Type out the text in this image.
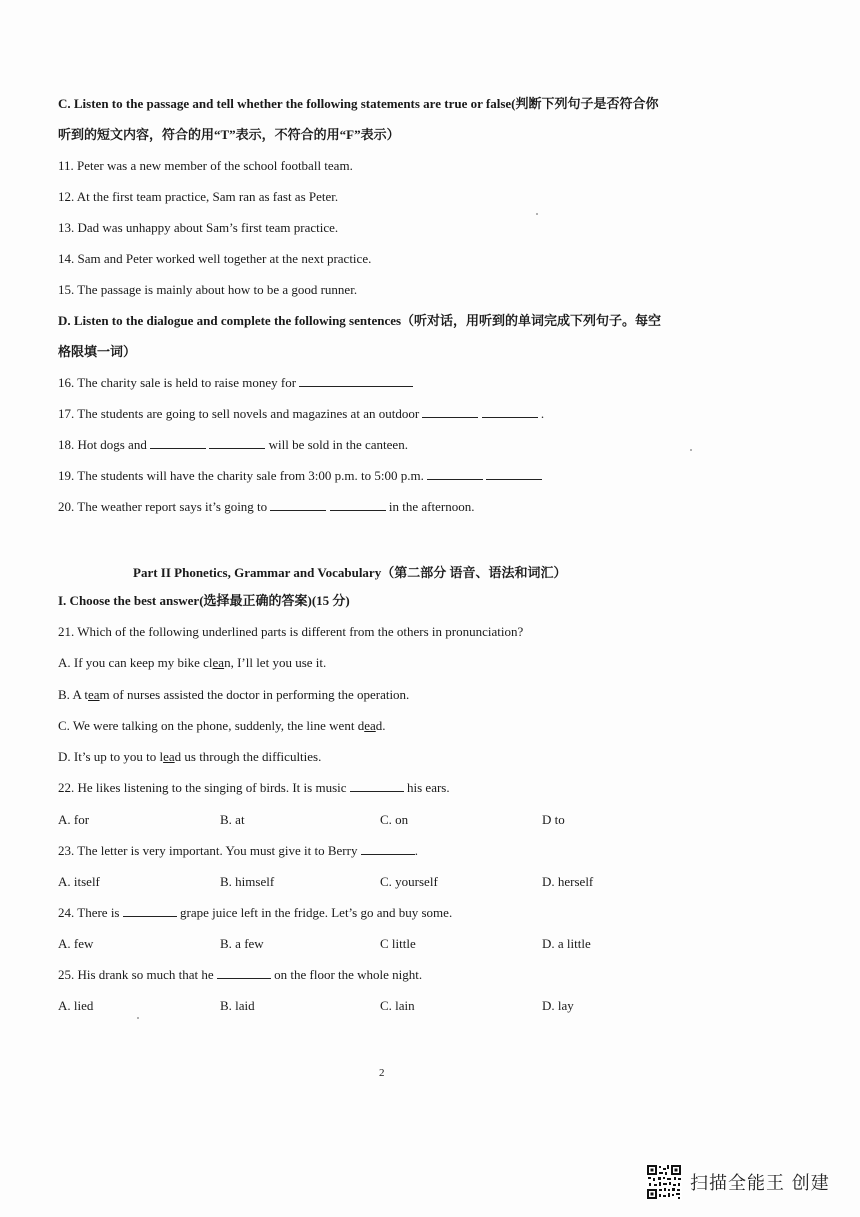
C. Listen to the passage and tell whether the following statements are true or false(判断下列句子是否符合你
听到的短文内容，符合的用“T”表示，不符合的用“F”表示）
11. Peter was a new member of the school football team.
12. At the first team practice, Sam ran as fast as Peter.
13. Dad was unhappy about Sam’s first team practice.
14. Sam and Peter worked well together at the next practice.
15. The passage is mainly about how to be a good runner.
D. Listen to the dialogue and complete the following sentences（听对话，用听到的单词完成下列句子。每空
格限填一词）
16. The charity sale is held to raise money for
17. The students are going to sell novels and magazines at an outdoor	.
18. Hot dogs and	will be sold in the canteen.
19. The students will have the charity sale from 3:00 p.m. to 5:00 p.m.
20. The weather report says it’s going to	in the afternoon.
Part II Phonetics, Grammar and Vocabulary（第二部分 语音、语法和词汇）
I. Choose the best answer(选择最正确的答案)(15 分)
21. Which of the following underlined parts is different from the others in pronunciation?
A. If you can keep my bike clean, I’ll let you use it.
B. A team of nurses assisted the doctor in performing the operation.
C. We were talking on the phone, suddenly, the line went dead.
D. It’s up to you to lead us through the difficulties.
22. He likes listening to the singing of birds. It is music	his ears.
A. for	B. at	C. on	D to
23. The letter is very important. You must give it to Berry	.
A. itself	B. himself	C. yourself	D. herself
24. There is	grape juice left in the fridge. Let’s go and buy some.
A. few	B. a few	C little	D. a little
25. His drank so much that he	on the floor the whole night.
A. lied	B. laid	C. lain	D. lay
2
扫描全能王 创建
